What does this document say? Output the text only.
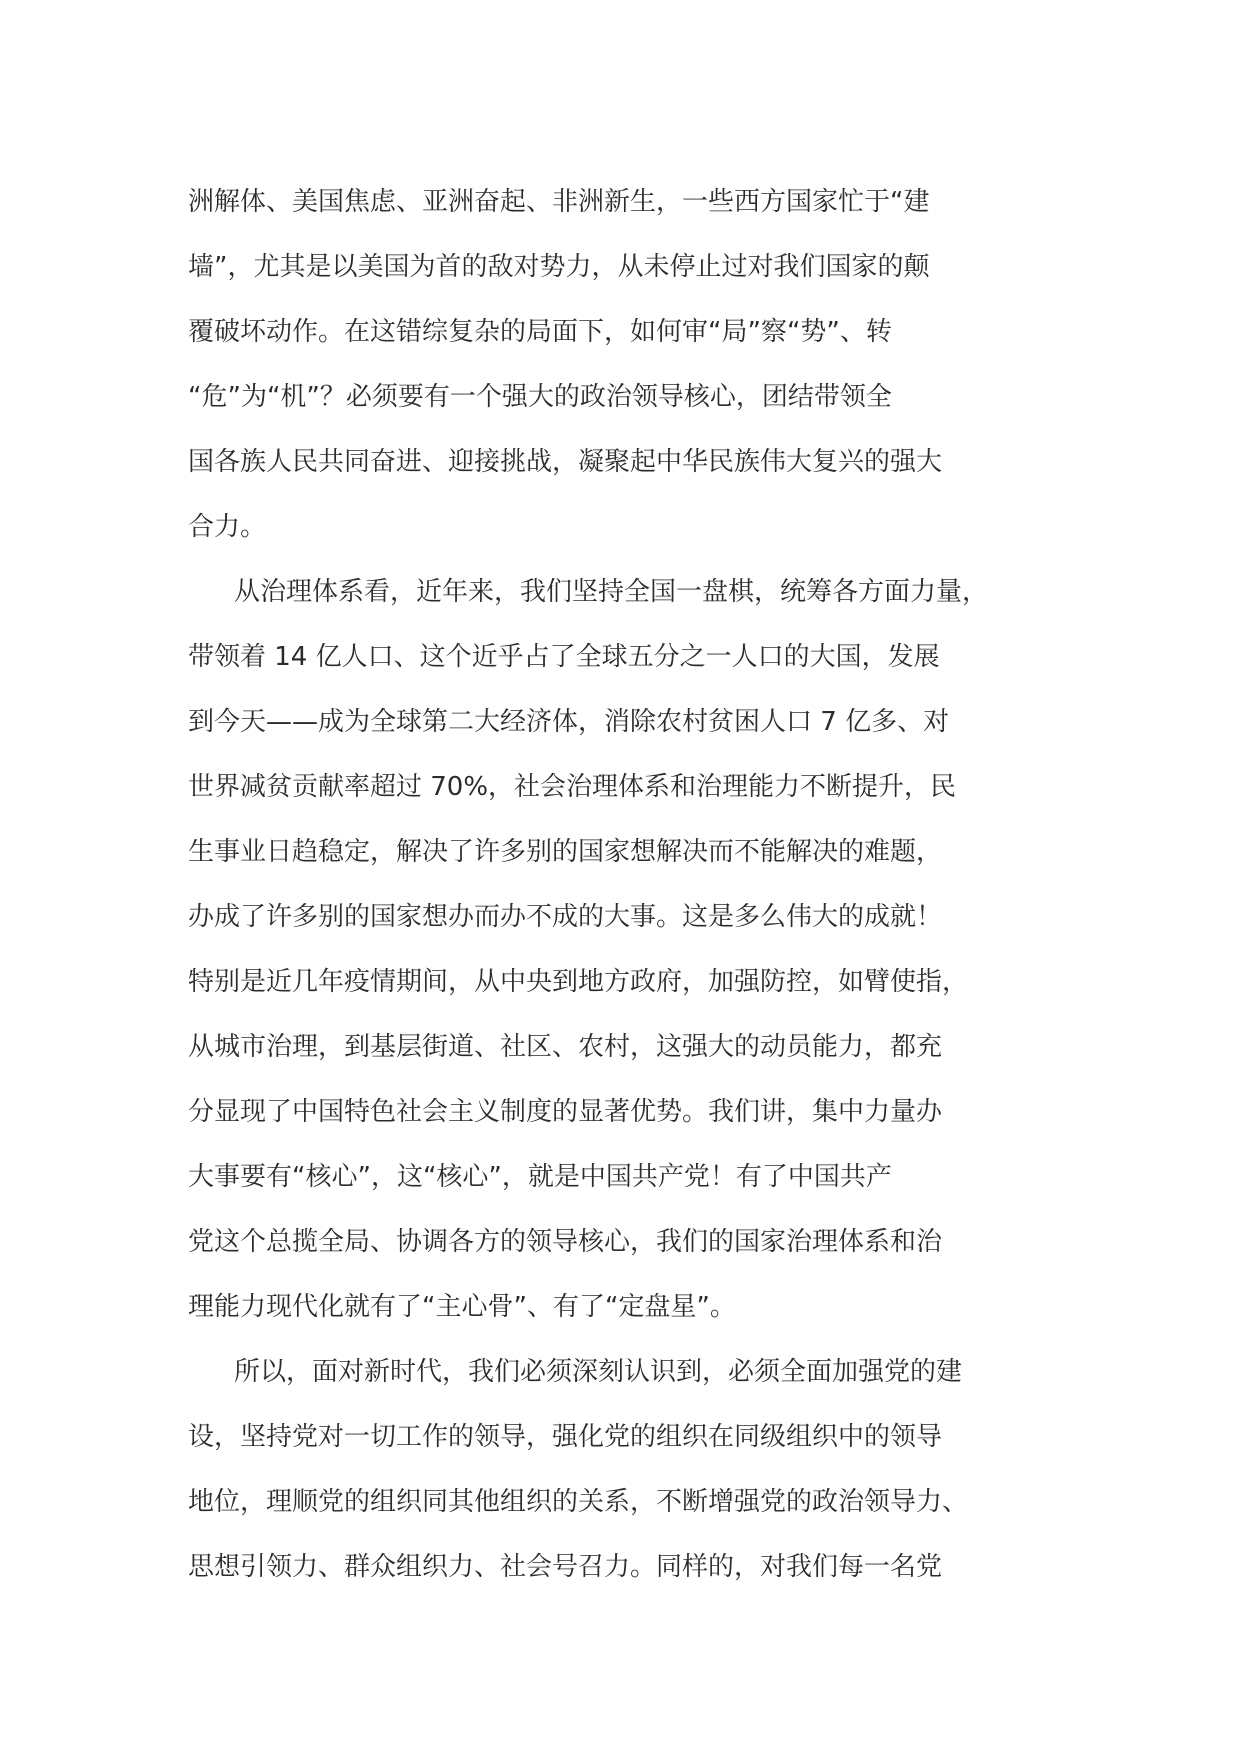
洲解体、美国焦虑、亚洲奋起、非洲新生，一些西方国家忙于“建
墙”，尤其是以美国为首的敌对势力，从未停止过对我们国家的颠
覆破坏动作。在这错综复杂的局面下，如何审“局”察“势”、转
“危”为“机”？必须要有一个强大的政治领导核心，团结带领全
国各族人民共同奋进、迎接挑战，凝聚起中华民族伟大复兴的强大
合力。
从治理体系看，近年来，我们坚持全国一盘棋，统筹各方面力量，
带领着 14 亿人口、这个近乎占了全球五分之一人口的大国，发展
到今天——成为全球第二大经济体，消除农村贫困人口 7 亿多、对
世界减贫贡献率超过 70%，社会治理体系和治理能力不断提升，民
生事业日趋稳定，解决了许多别的国家想解决而不能解决的难题，
办成了许多别的国家想办而办不成的大事。这是多么伟大的成就！
特别是近几年疫情期间，从中央到地方政府，加强防控，如臂使指，
从城市治理，到基层街道、社区、农村，这强大的动员能力，都充
分显现了中国特色社会主义制度的显著优势。我们讲，集中力量办
大事要有“核心”，这“核心”，就是中国共产党！有了中国共产
党这个总揽全局、协调各方的领导核心，我们的国家治理体系和治
理能力现代化就有了“主心骨”、有了“定盘星”。
所以，面对新时代，我们必须深刻认识到，必须全面加强党的建
设，坚持党对一切工作的领导，强化党的组织在同级组织中的领导
地位，理顺党的组织同其他组织的关系，不断增强党的政治领导力、
思想引领力、群众组织力、社会号召力。同样的，对我们每一名党
